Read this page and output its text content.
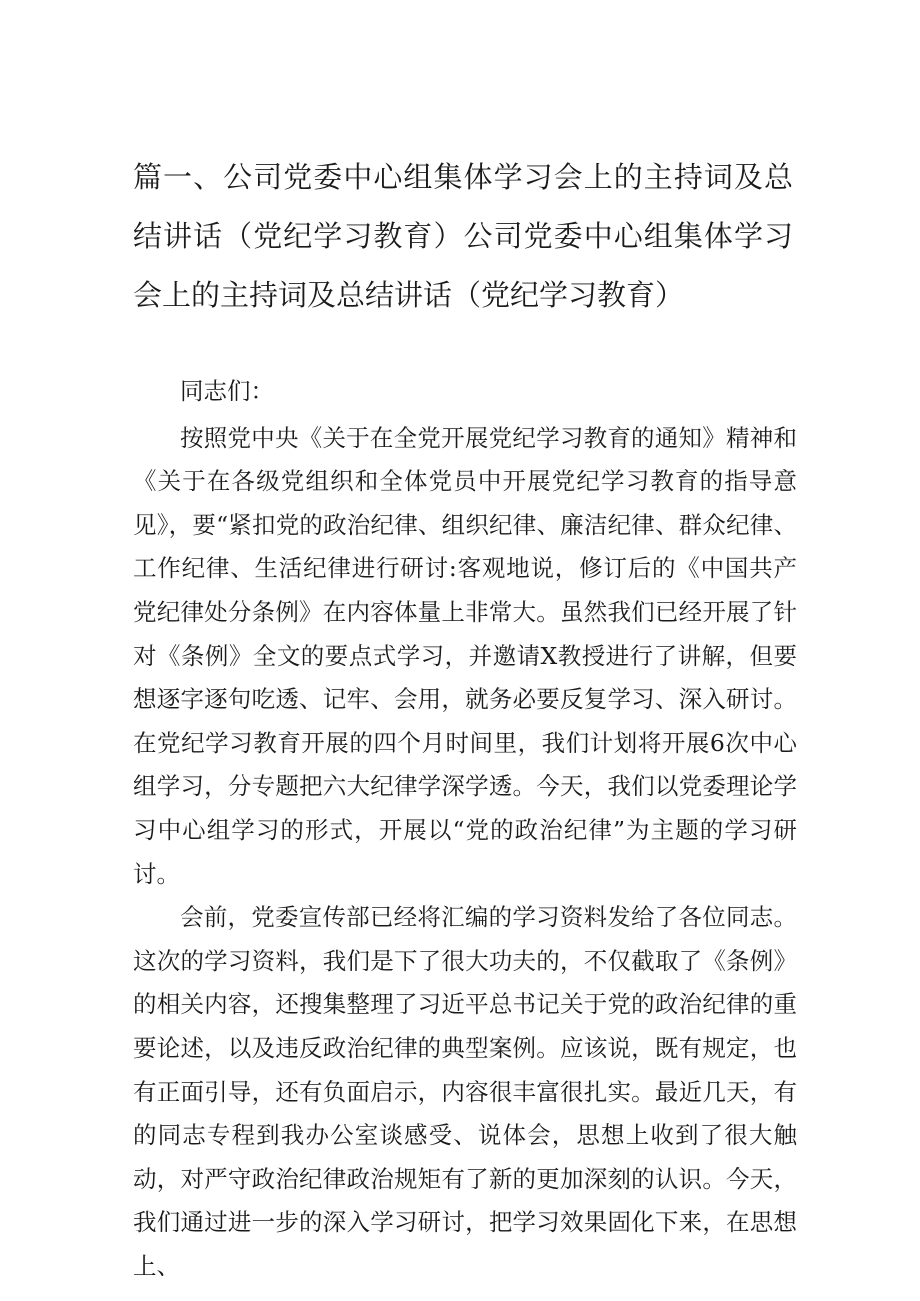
篇一、公司党委中心组集体学习会上的主持词及总结讲话（党纪学习教育）公司党委中心组集体学习会上的主持词及总结讲话（党纪学习教育）

同志们：

按照党中央《关于在全党开展党纪学习教育的通知》精神和《关于在各级党组织和全体党员中开展党纪学习教育的指导意见》，要“紧扣党的政治纪律、组织纪律、廉洁纪律、群众纪律、工作纪律、生活纪律进行研讨:客观地说，修订后的《中国共产党纪律处分条例》在内容体量上非常大。虽然我们已经开展了针对《条例》全文的要点式学习，并邀请X教授进行了讲解，但要想逐字逐句吃透、记牢、会用，就务必要反复学习、深入研讨。在党纪学习教育开展的四个月时间里，我们计划将开展6次中心组学习，分专题把六大纪律学深学透。今天，我们以党委理论学习中心组学习的形式，开展以“党的政治纪律”为主题的学习研讨。

会前，党委宣传部已经将汇编的学习资料发给了各位同志。这次的学习资料，我们是下了很大功夫的，不仅截取了《条例》的相关内容，还搜集整理了习近平总书记关于党的政治纪律的重要论述，以及违反政治纪律的典型案例。应该说，既有规定，也有正面引导，还有负面启示，内容很丰富很扎实。最近几天，有的同志专程到我办公室谈感受、说体会，思想上收到了很大触动，对严守政治纪律政治规矩有了新的更加深刻的认识。今天，我们通过进一步的深入学习研讨，把学习效果固化下来，在思想上、
